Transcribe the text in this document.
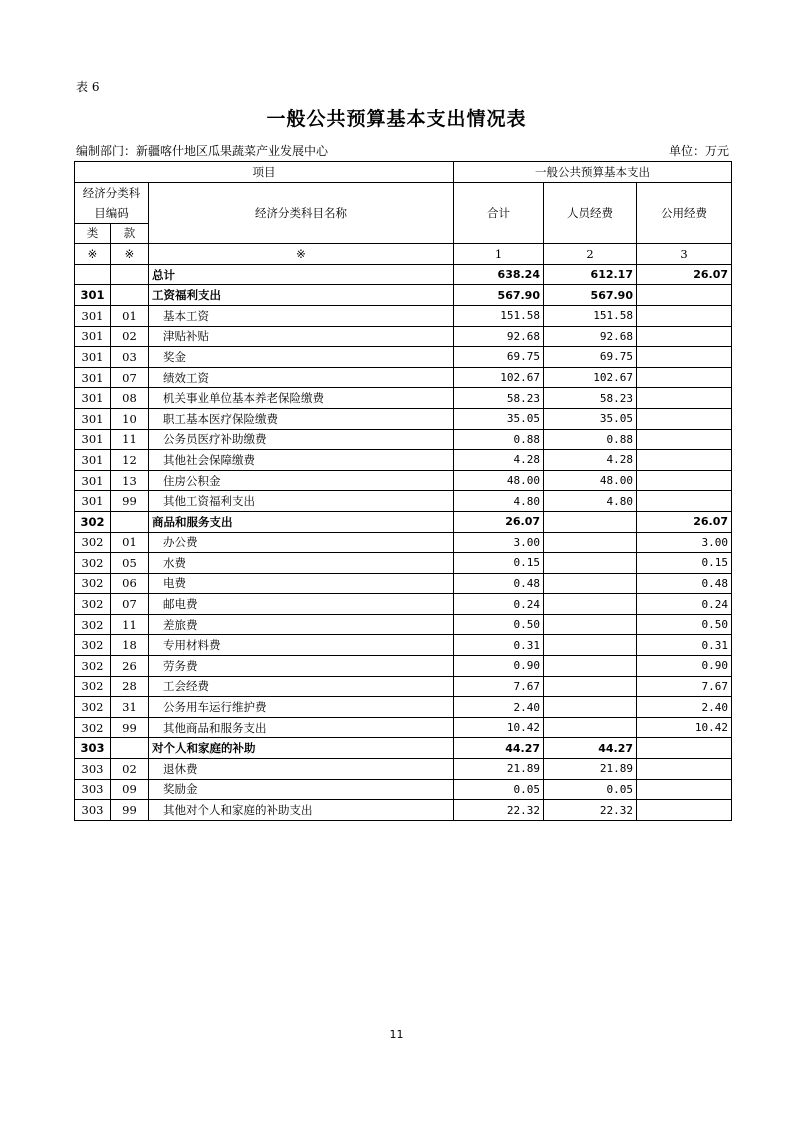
表 6
一般公共预算基本支出情况表
编制部门：新疆喀什地区瓜果蔬菜产业发展中心	单位：万元
项目			一般公共预算基本支出		
经济分类科目编码		经济分类科目名称	合计	人员经费	公用经费

类	款				
※	※	※	1	2	3
		总计	638.24	612.17	26.07
301		工资福利支出	567.90	567.90	
301	01	基本工资	151.58	151.58	
301	02	津贴补贴	92.68	92.68	
301	03	奖金	69.75	69.75	
301	07	绩效工资	102.67	102.67	
301	08	机关事业单位基本养老保险缴费	58.23	58.23	
301	10	职工基本医疗保险缴费	35.05	35.05	
301	11	公务员医疗补助缴费	0.88	0.88	
301	12	其他社会保障缴费	4.28	4.28	
301	13	住房公积金	48.00	48.00	
301	99	其他工资福利支出	4.80	4.80	
302		商品和服务支出	26.07		26.07
302	01	办公费	3.00		3.00
302	05	水费	0.15		0.15
302	06	电费	0.48		0.48
302	07	邮电费	0.24		0.24
302	11	差旅费	0.50		0.50
302	18	专用材料费	0.31		0.31
302	26	劳务费	0.90		0.90
302	28	工会经费	7.67		7.67
302	31	公务用车运行维护费	2.40		2.40
302	99	其他商品和服务支出	10.42		10.42
303		对个人和家庭的补助	44.27	44.27	
303	02	退休费	21.89	21.89	
303	09	奖励金	0.05	0.05	
303	99	其他对个人和家庭的补助支出	22.32	22.32	
11
